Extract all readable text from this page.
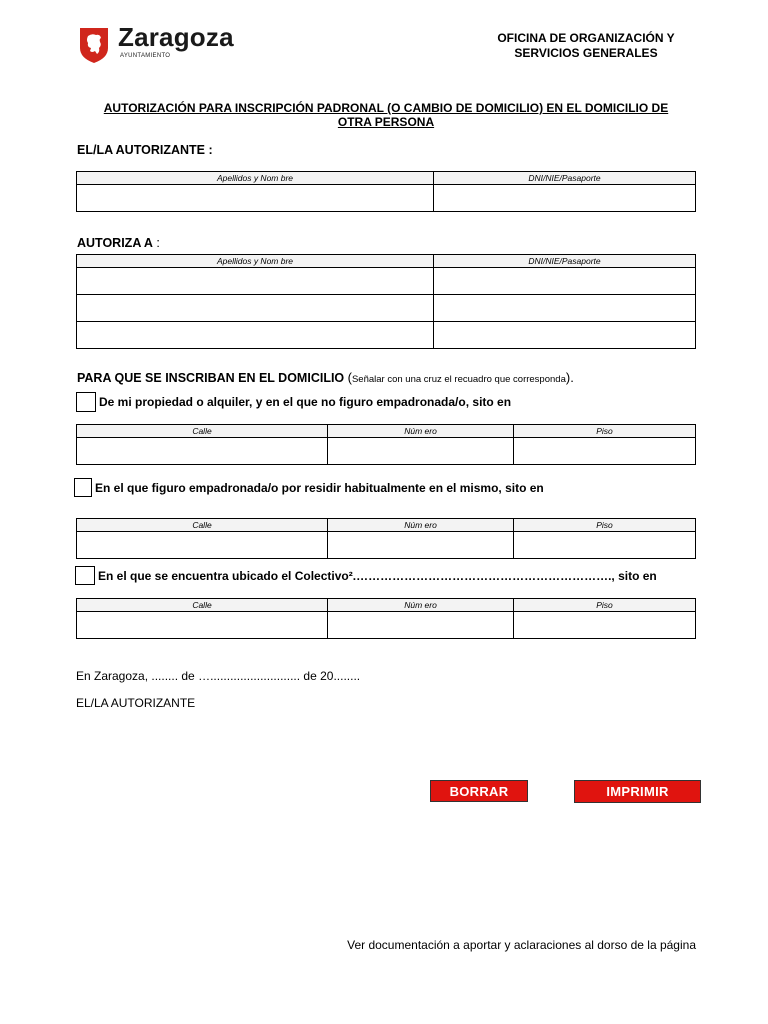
Zaragoza
AYUNTAMIENTO
OFICINA DE ORGANIZACIÓN Y
SERVICIOS GENERALES
AUTORIZACIÓN PARA INSCRIPCIÓN PADRONAL (O CAMBIO DE DOMICILIO) EN EL DOMICILIO DE
OTRA PERSONA
EL/LA AUTORIZANTE :
Apellidos y Nom bre	DNI/NIE/Pasaporte

AUTORIZA A :
Apellidos y Nom bre	DNI/NIE/Pasaporte

PARA QUE SE INSCRIBAN EN EL DOMICILIO (Señalar con una cruz el recuadro que corresponda).
De mi propiedad o alquiler, y en el que no figuro empadronada/o, sito en
Calle	Núm ero	Piso

En el que figuro empadronada/o por residir habitualmente en el mismo, sito en
Calle	Núm ero	Piso

En el que se encuentra ubicado el Colectivo².………………………………………………………., sito en
Calle	Núm ero	Piso

En Zaragoza, ........ de …........................... de 20........
EL/LA AUTORIZANTE
BORRAR	IMPRIMIR
Ver documentación a aportar y aclaraciones al dorso de la página
